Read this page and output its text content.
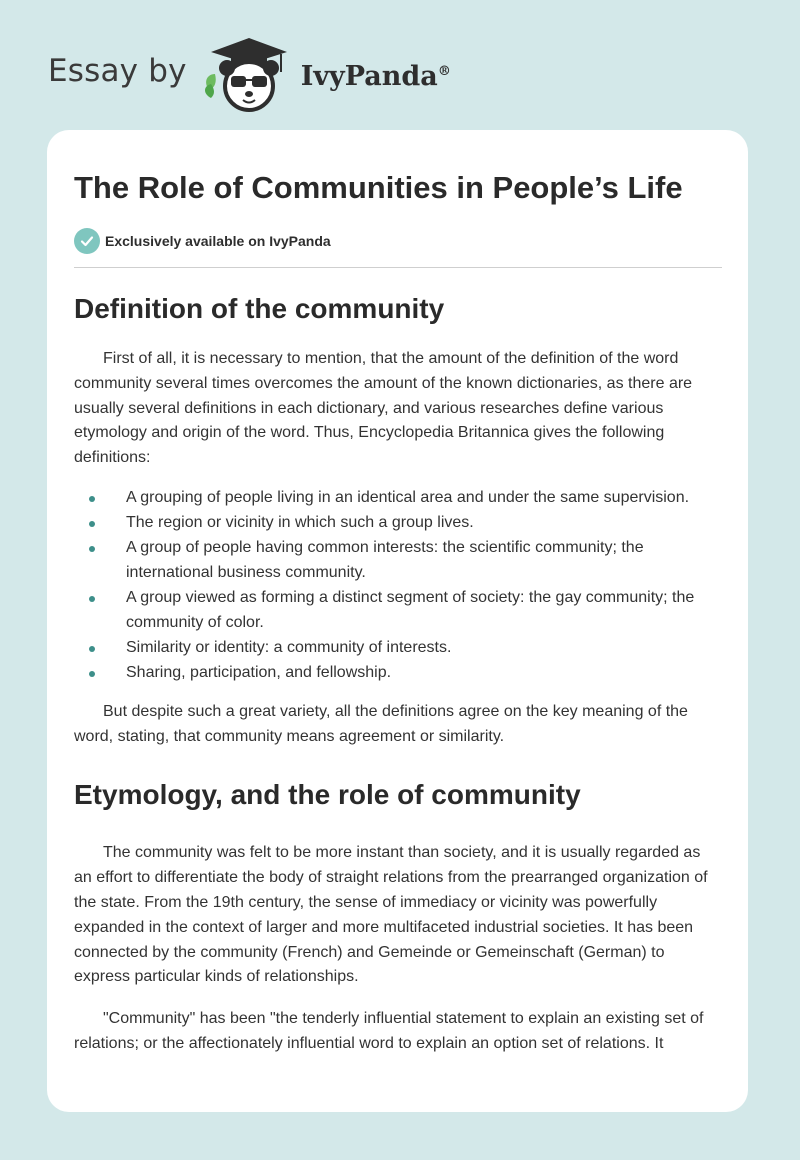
Essay by	IvyPanda®
The Role of Communities in People’s Life
Exclusively available on IvyPanda
Definition of the community

First of all, it is necessary to mention, that the amount of the definition of the word community several times overcomes the amount of the known dictionaries, as there are usually several definitions in each dictionary, and various researches define various etymology and origin of the word. Thus, Encyclopedia Britannica gives the following definitions:

A grouping of people living in an identical area and under the same supervision.
The region or vicinity in which such a group lives.
A group of people having common interests: the scientific community; the international business community.
A group viewed as forming a distinct segment of society: the gay community; the community of color.
Similarity or identity: a community of interests.
Sharing, participation, and fellowship.

But despite such a great variety, all the definitions agree on the key meaning of the word, stating, that community means agreement or similarity.

Etymology, and the role of community

The community was felt to be more instant than society, and it is usually regarded as an effort to differentiate the body of straight relations from the prearranged organization of the state. From the 19th century, the sense of immediacy or vicinity was powerfully expanded in the context of larger and more multifaceted industrial societies. It has been connected by the community (French) and Gemeinde or Gemeinschaft (German) to express particular kinds of relationships.

"Community" has been "the tenderly influential statement to explain an existing set of relations; or the affectionately influential word to explain an option set of relations. It
